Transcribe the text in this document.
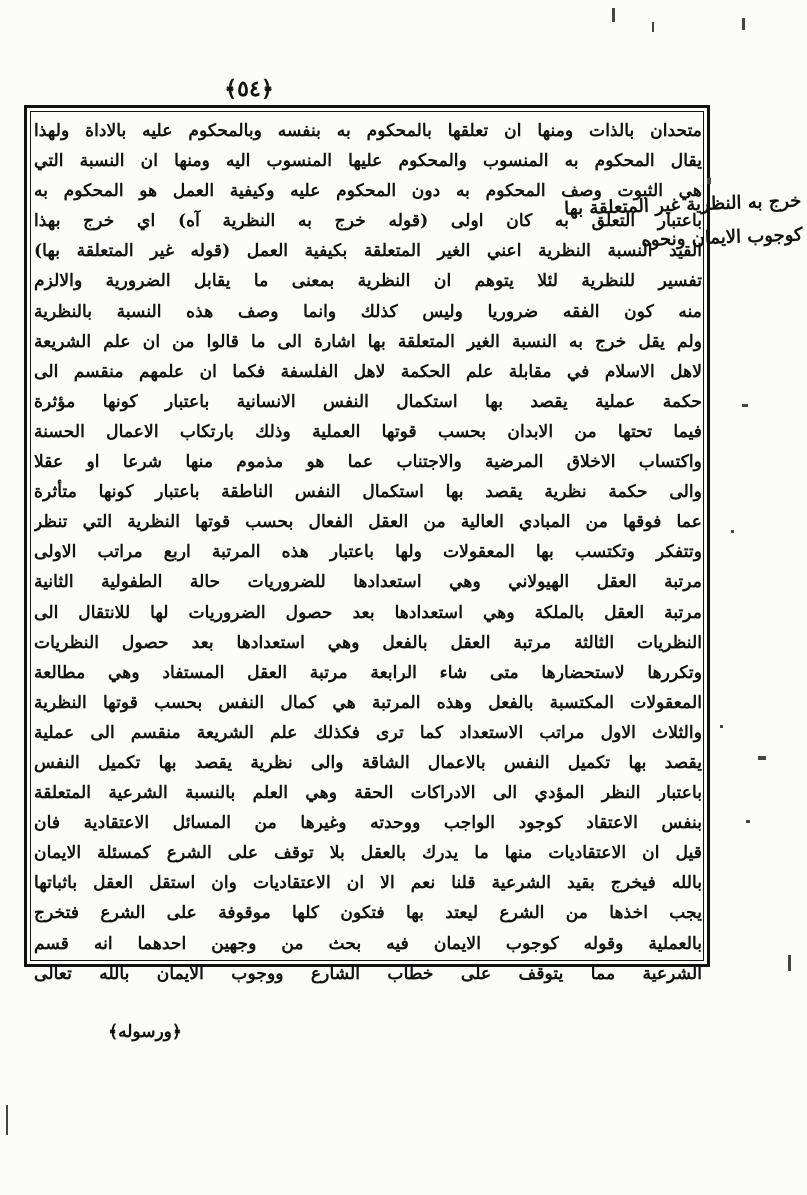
﴿٥٤﴾
متحدان بالذات ومنها ان تعلقها بالمحكوم به بنفسه وبالمحكوم عليه بالاداة ولهذا
يقال المحكوم به المنسوب والمحكوم عليها المنسوب اليه ومنها ان النسبة التي
هي الثبوت وصف المحكوم به دون المحكوم عليه وكيفية العمل هو المحكوم به
باعتبار التعلق به كان اولى (قوله خرج به النظرية آه) اي خرج بهذا
القيد النسبة النظرية اعني الغير المتعلقة بكيفية العمل (قوله غير المتعلقة بها)
تفسير للنظرية لئلا يتوهم ان النظرية بمعنى ما يقابل الضرورية والالزم
منه كون الفقه ضروريا وليس كذلك وانما وصف هذه النسبة بالنظرية
ولم يقل خرج به النسبة الغير المتعلقة بها اشارة الى ما قالوا من ان علم الشريعة
لاهل الاسلام في مقابلة علم الحكمة لاهل الفلسفة فكما ان علمهم منقسم الى
حكمة عملية يقصد بها استكمال النفس الانسانية باعتبار كونها مؤثرة
فيما تحتها من الابدان بحسب قوتها العملية وذلك بارتكاب الاعمال الحسنة
واكتساب الاخلاق المرضية والاجتناب عما هو مذموم منها شرعا او عقلا
والى حكمة نظرية يقصد بها استكمال النفس الناطقة باعتبار كونها متأثرة
عما فوقها من المبادي العالية من العقل الفعال بحسب قوتها النظرية التي تنظر
وتتفكر وتكتسب بها المعقولات ولها باعتبار هذه المرتبة اربع مراتب الاولى
مرتبة العقل الهيولاني وهي استعدادها للضروريات حالة الطفولية الثانية
مرتبة العقل بالملكة وهي استعدادها بعد حصول الضروريات لها للانتقال الى
النظريات الثالثة مرتبة العقل بالفعل وهي استعدادها بعد حصول النظريات
وتكررها لاستحضارها متى شاء الرابعة مرتبة العقل المستفاد وهي مطالعة
المعقولات المكتسبة بالفعل وهذه المرتبة هي كمال النفس بحسب قوتها النظرية
والثلاث الاول مراتب الاستعداد كما ترى فكذلك علم الشريعة منقسم الى عملية
يقصد بها تكميل النفس بالاعمال الشاقة والى نظرية يقصد بها تكميل النفس
باعتبار النظر المؤدي الى الادراكات الحقة وهي العلم بالنسبة الشرعية المتعلقة
بنفس الاعتقاد كوجود الواجب ووحدته وغيرها من المسائل الاعتقادية فان
قيل ان الاعتقاديات منها ما يدرك بالعقل بلا توقف على الشرع كمسئلة الايمان
بالله فيخرج بقيد الشرعية قلنا نعم الا ان الاعتقاديات وان استقل العقل باثباتها
يجب اخذها من الشرع ليعتد بها فتكون كلها موقوفة على الشرع فتخرج
بالعملية وقوله كوجوب الايمان فيه بحث من وجهين احدهما انه قسم
الشرعية مما يتوقف على خطاب الشارع ووجوب الايمان بالله تعالى
خرج به النظرية غير المتعلقة بها
كوجوب الايمان ونحوه
﴿ورسوله﴾
